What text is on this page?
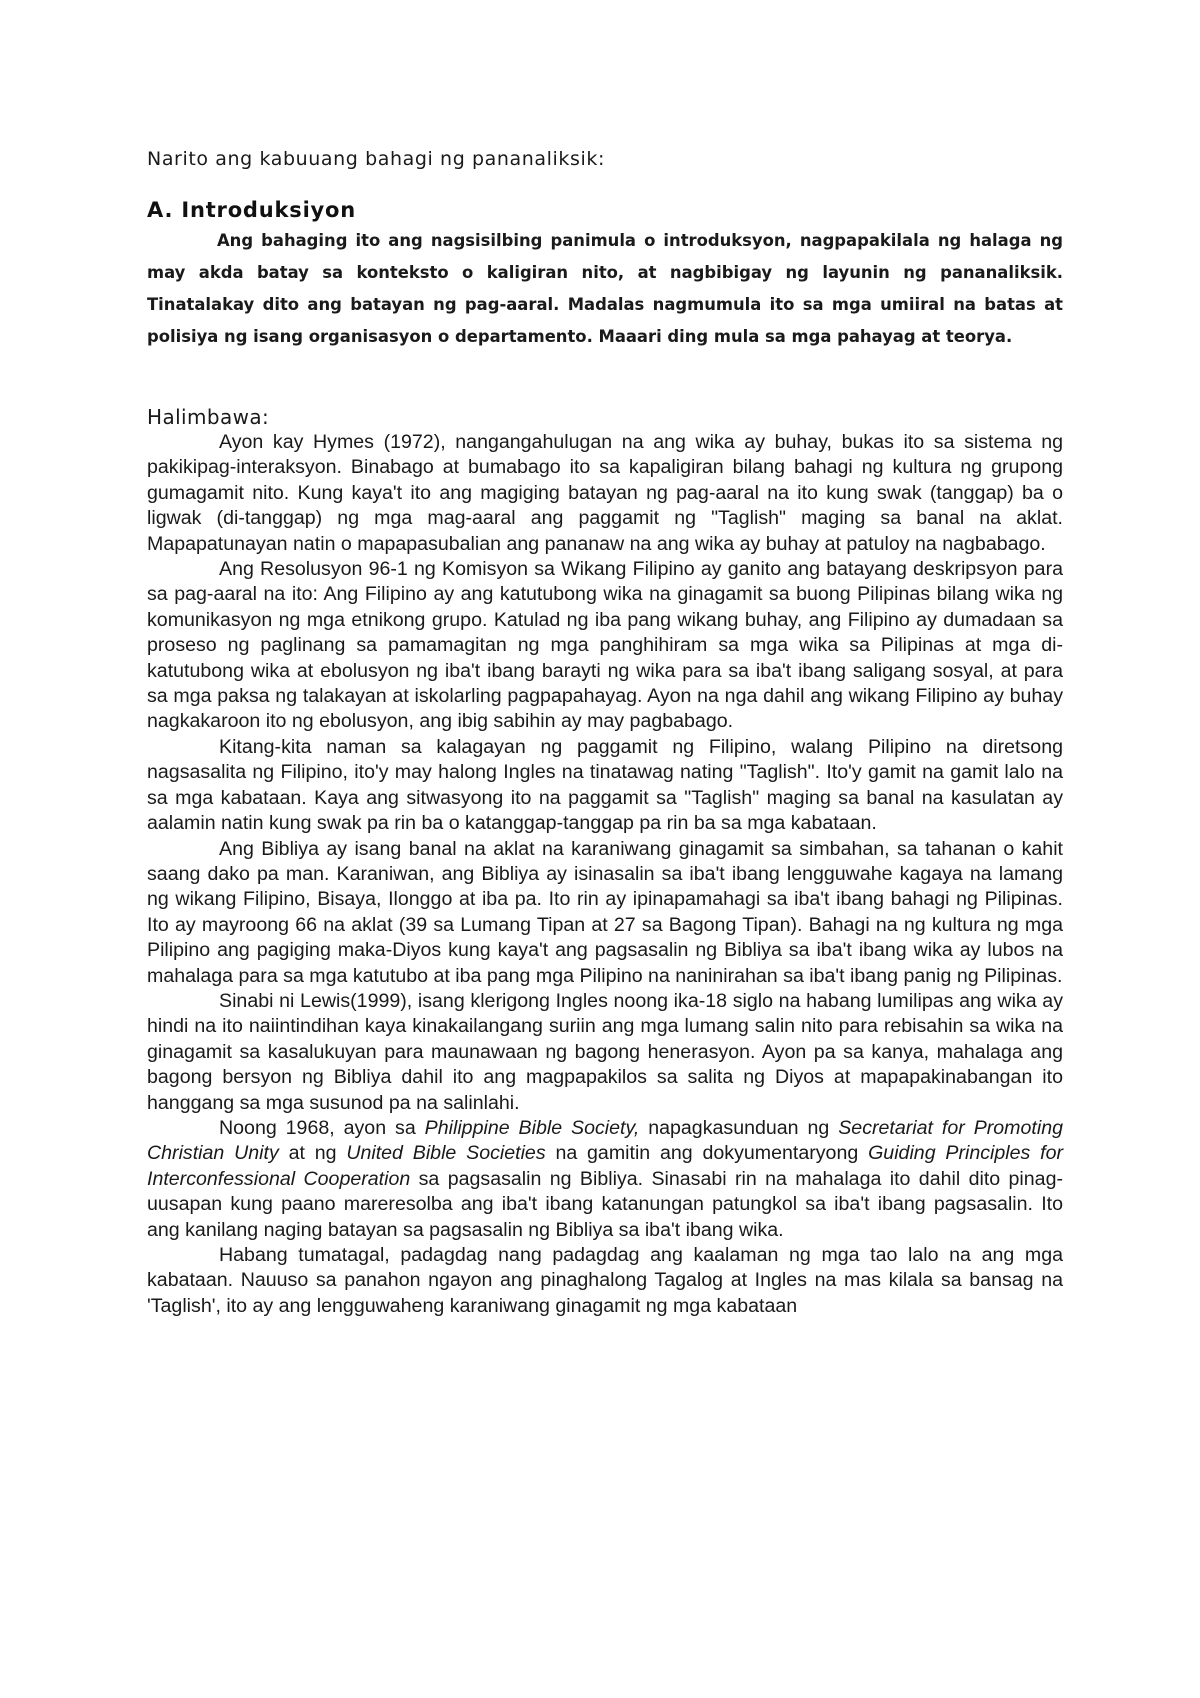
Narito ang kabuuang bahagi ng pananaliksik:

A. Introduksiyon

Ang bahaging ito ang nagsisilbing panimula o introduksyon, nagpapakilala ng halaga ng may akda batay sa konteksto o kaligiran nito, at nagbibigay ng layunin ng pananaliksik. Tinatalakay dito ang batayan ng pag-aaral. Madalas nagmumula ito sa mga umiiral na batas at polisiya ng isang organisasyon o departamento. Maaari ding mula sa mga pahayag at teorya.

Halimbawa:

Ayon kay Hymes (1972), nangangahulugan na ang wika ay buhay, bukas ito sa sistema ng pakikipag-interaksyon. Binabago at bumabago ito sa kapaligiran bilang bahagi ng kultura ng grupong gumagamit nito. Kung kaya't ito ang magiging batayan ng pag-aaral na ito kung swak (tanggap) ba o ligwak (di-tanggap) ng mga mag-aaral ang paggamit ng "Taglish" maging sa banal na aklat. Mapapatunayan natin o mapapasubalian ang pananaw na ang wika ay buhay at patuloy na nagbabago.

Ang Resolusyon 96-1 ng Komisyon sa Wikang Filipino ay ganito ang batayang deskripsyon para sa pag-aaral na ito: Ang Filipino ay ang katutubong wika na ginagamit sa buong Pilipinas bilang wika ng komunikasyon ng mga etnikong grupo. Katulad ng iba pang wikang buhay, ang Filipino ay dumadaan sa proseso ng paglinang sa pamamagitan ng mga panghihiram sa mga wika sa Pilipinas at mga di-katutubong wika at ebolusyon ng iba't ibang barayti ng wika para sa iba't ibang saligang sosyal, at para sa mga paksa ng talakayan at iskolarling pagpapahayag. Ayon na nga dahil ang wikang Filipino ay buhay nagkakaroon ito ng ebolusyon, ang ibig sabihin ay may pagbabago.

Kitang-kita naman sa kalagayan ng paggamit ng Filipino, walang Pilipino na diretsong nagsasalita ng Filipino, ito'y may halong Ingles na tinatawag nating "Taglish". Ito'y gamit na gamit lalo na sa mga kabataan. Kaya ang sitwasyong ito na paggamit sa "Taglish" maging sa banal na kasulatan ay aalamin natin kung swak pa rin ba o katanggap-tanggap pa rin ba sa mga kabataan.

Ang Bibliya ay isang banal na aklat na karaniwang ginagamit sa simbahan, sa tahanan o kahit saang dako pa man. Karaniwan, ang Bibliya ay isinasalin sa iba't ibang lengguwahe kagaya na lamang ng wikang Filipino, Bisaya, Ilonggo at iba pa. Ito rin ay ipinapamahagi sa iba't ibang bahagi ng Pilipinas. Ito ay mayroong 66 na aklat (39 sa Lumang Tipan at 27 sa Bagong Tipan). Bahagi na ng kultura ng mga Pilipino ang pagiging maka-Diyos kung kaya't ang pagsasalin ng Bibliya sa iba't ibang wika ay lubos na mahalaga para sa mga katutubo at iba pang mga Pilipino na naninirahan sa iba't ibang panig ng Pilipinas.

Sinabi ni Lewis(1999), isang klerigong Ingles noong ika-18 siglo na habang lumilipas ang wika ay hindi na ito naiintindihan kaya kinakailangang suriin ang mga lumang salin nito para rebisahin sa wika na ginagamit sa kasalukuyan para maunawaan ng bagong henerasyon. Ayon pa sa kanya, mahalaga ang bagong bersyon ng Bibliya dahil ito ang magpapakilos sa salita ng Diyos at mapapakinabangan ito hanggang sa mga susunod pa na salinlahi.

Noong 1968, ayon sa Philippine Bible Society, napagkasunduan ng Secretariat for Promoting Christian Unity at ng United Bible Societies na gamitin ang dokyumentaryong Guiding Principles for Interconfessional Cooperation sa pagsasalin ng Bibliya. Sinasabi rin na mahalaga ito dahil dito pinag- uusapan kung paano mareresolba ang iba't ibang katanungan patungkol sa iba't ibang pagsasalin. Ito ang kanilang naging batayan sa pagsasalin ng Bibliya sa iba't ibang wika.

Habang tumatagal, padagdag nang padagdag ang kaalaman ng mga tao lalo na ang mga kabataan. Nauuso sa panahon ngayon ang pinaghalong Tagalog at Ingles na mas kilala sa bansag na 'Taglish', ito ay ang lengguwaheng karaniwang ginagamit ng mga kabataan
